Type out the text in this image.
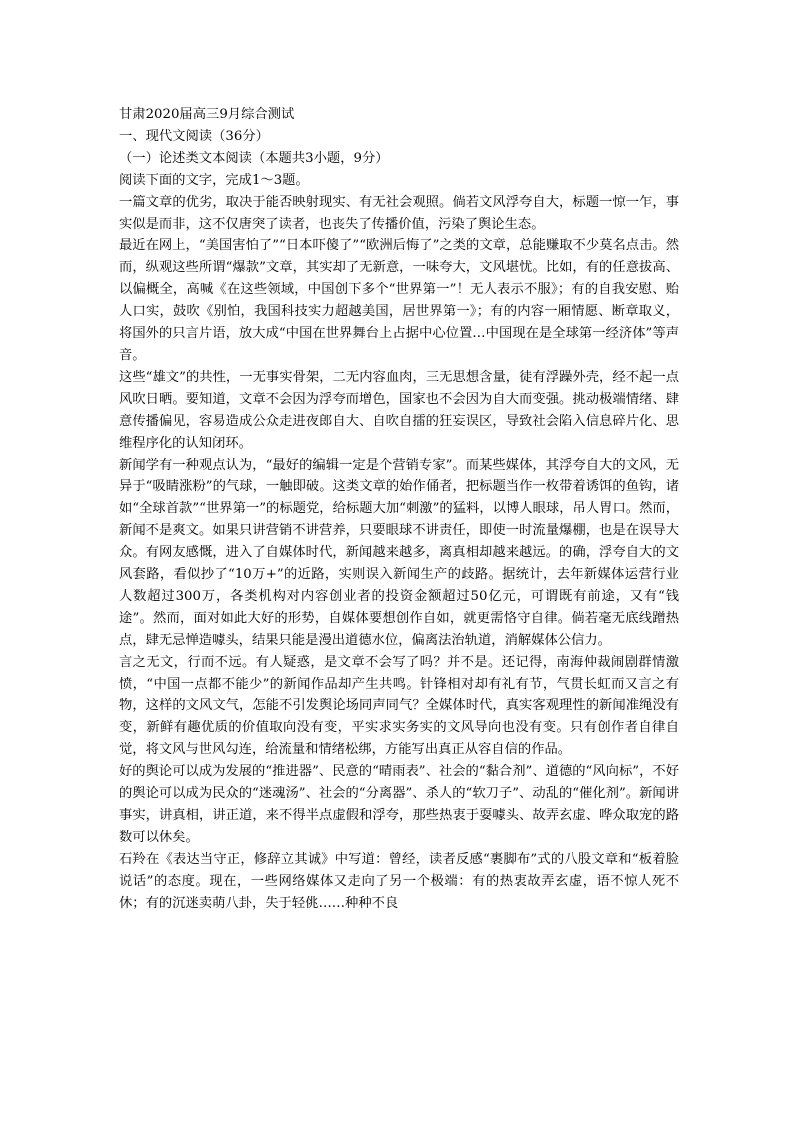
甘肃2020届高三9月综合测试
一、现代文阅读（36分）
（一）论述类文本阅读（本题共3小题，9分）
阅读下面的文字，完成1～3题。
一篇文章的优劣，取决于能否映射现实、有无社会观照。倘若文风浮夸自大，标题一惊一乍，事实似是而非，这不仅唐突了读者，也丧失了传播价值，污染了舆论生态。
最近在网上，“美国害怕了”“日本吓傻了”“欧洲后悔了”之类的文章，总能赚取不少莫名点击。然而，纵观这些所谓“爆款”文章，其实却了无新意，一味夸大，文风堪忧。比如，有的任意拔高、以偏概全，高喊《在这些领域，中国创下多个“世界第一”！无人表示不服》；有的自我安慰、贻人口实，鼓吹《别怕，我国科技实力超越美国，居世界第一》；有的内容一厢情愿、断章取义，将国外的只言片语，放大成“中国在世界舞台上占据中心位置…中国现在是全球第一经济体”等声音。
这些“雄文”的共性，一无事实骨架，二无内容血肉，三无思想含量，徒有浮躁外壳，经不起一点风吹日晒。要知道，文章不会因为浮夸而增色，国家也不会因为自大而变强。挑动极端情绪、肆意传播偏见，容易造成公众走进夜郎自大、自吹自擂的狂妄误区，导致社会陷入信息碎片化、思维程序化的认知闭环。
新闻学有一种观点认为，“最好的编辑一定是个营销专家”。而某些媒体，其浮夸自大的文风，无异于“吸睛涨粉”的气球，一触即破。这类文章的始作俑者，把标题当作一枚带着诱饵的鱼钩，诸如“全球首款”“世界第一”的标题党，给标题大加“刺激”的猛料，以博人眼球，吊人胃口。然而，新闻不是爽文。如果只讲营销不讲营养，只要眼球不讲责任，即使一时流量爆棚，也是在误导大众。有网友感慨，进入了自媒体时代，新闻越来越多，离真相却越来越远。的确，浮夸自大的文风套路，看似抄了“10万+”的近路，实则误入新闻生产的歧路。据统计，去年新媒体运营行业人数超过300万，各类机构对内容创业者的投资金额超过50亿元，可谓既有前途，又有“钱途”。然而，面对如此大好的形势，自媒体要想创作自如，就更需恪守自律。倘若毫无底线蹭热点，肆无忌惮造噱头，结果只能是漫出道德水位，偏离法治轨道，消解媒体公信力。
言之无文，行而不远。有人疑惑，是文章不会写了吗？并不是。还记得，南海仲裁闹剧群情激愤，“中国一点都不能少”的新闻作品却产生共鸣。针锋相对却有礼有节，气贯长虹而又言之有物，这样的文风文气，怎能不引发舆论场同声同气？全媒体时代，真实客观理性的新闻准绳没有变，新鲜有趣优质的价值取向没有变，平实求实务实的文风导向也没有变。只有创作者自律自觉，将文风与世风勾连，给流量和情绪松绑，方能写出真正从容自信的作品。
好的舆论可以成为发展的“推进器”、民意的“晴雨表”、社会的“黏合剂”、道德的“风向标”，不好的舆论可以成为民众的“迷魂汤”、社会的“分离器”、杀人的“软刀子”、动乱的“催化剂”。新闻讲事实，讲真相，讲正道，来不得半点虚假和浮夸，那些热衷于耍噱头、故弄玄虚、哗众取宠的路数可以休矣。
石羚在《表达当守正，修辞立其诚》中写道：曾经，读者反感“裹脚布”式的八股文章和“板着脸说话”的态度。现在，一些网络媒体又走向了另一个极端：有的热衷故弄玄虚，语不惊人死不休；有的沉迷卖萌八卦，失于轻佻……种种不良
